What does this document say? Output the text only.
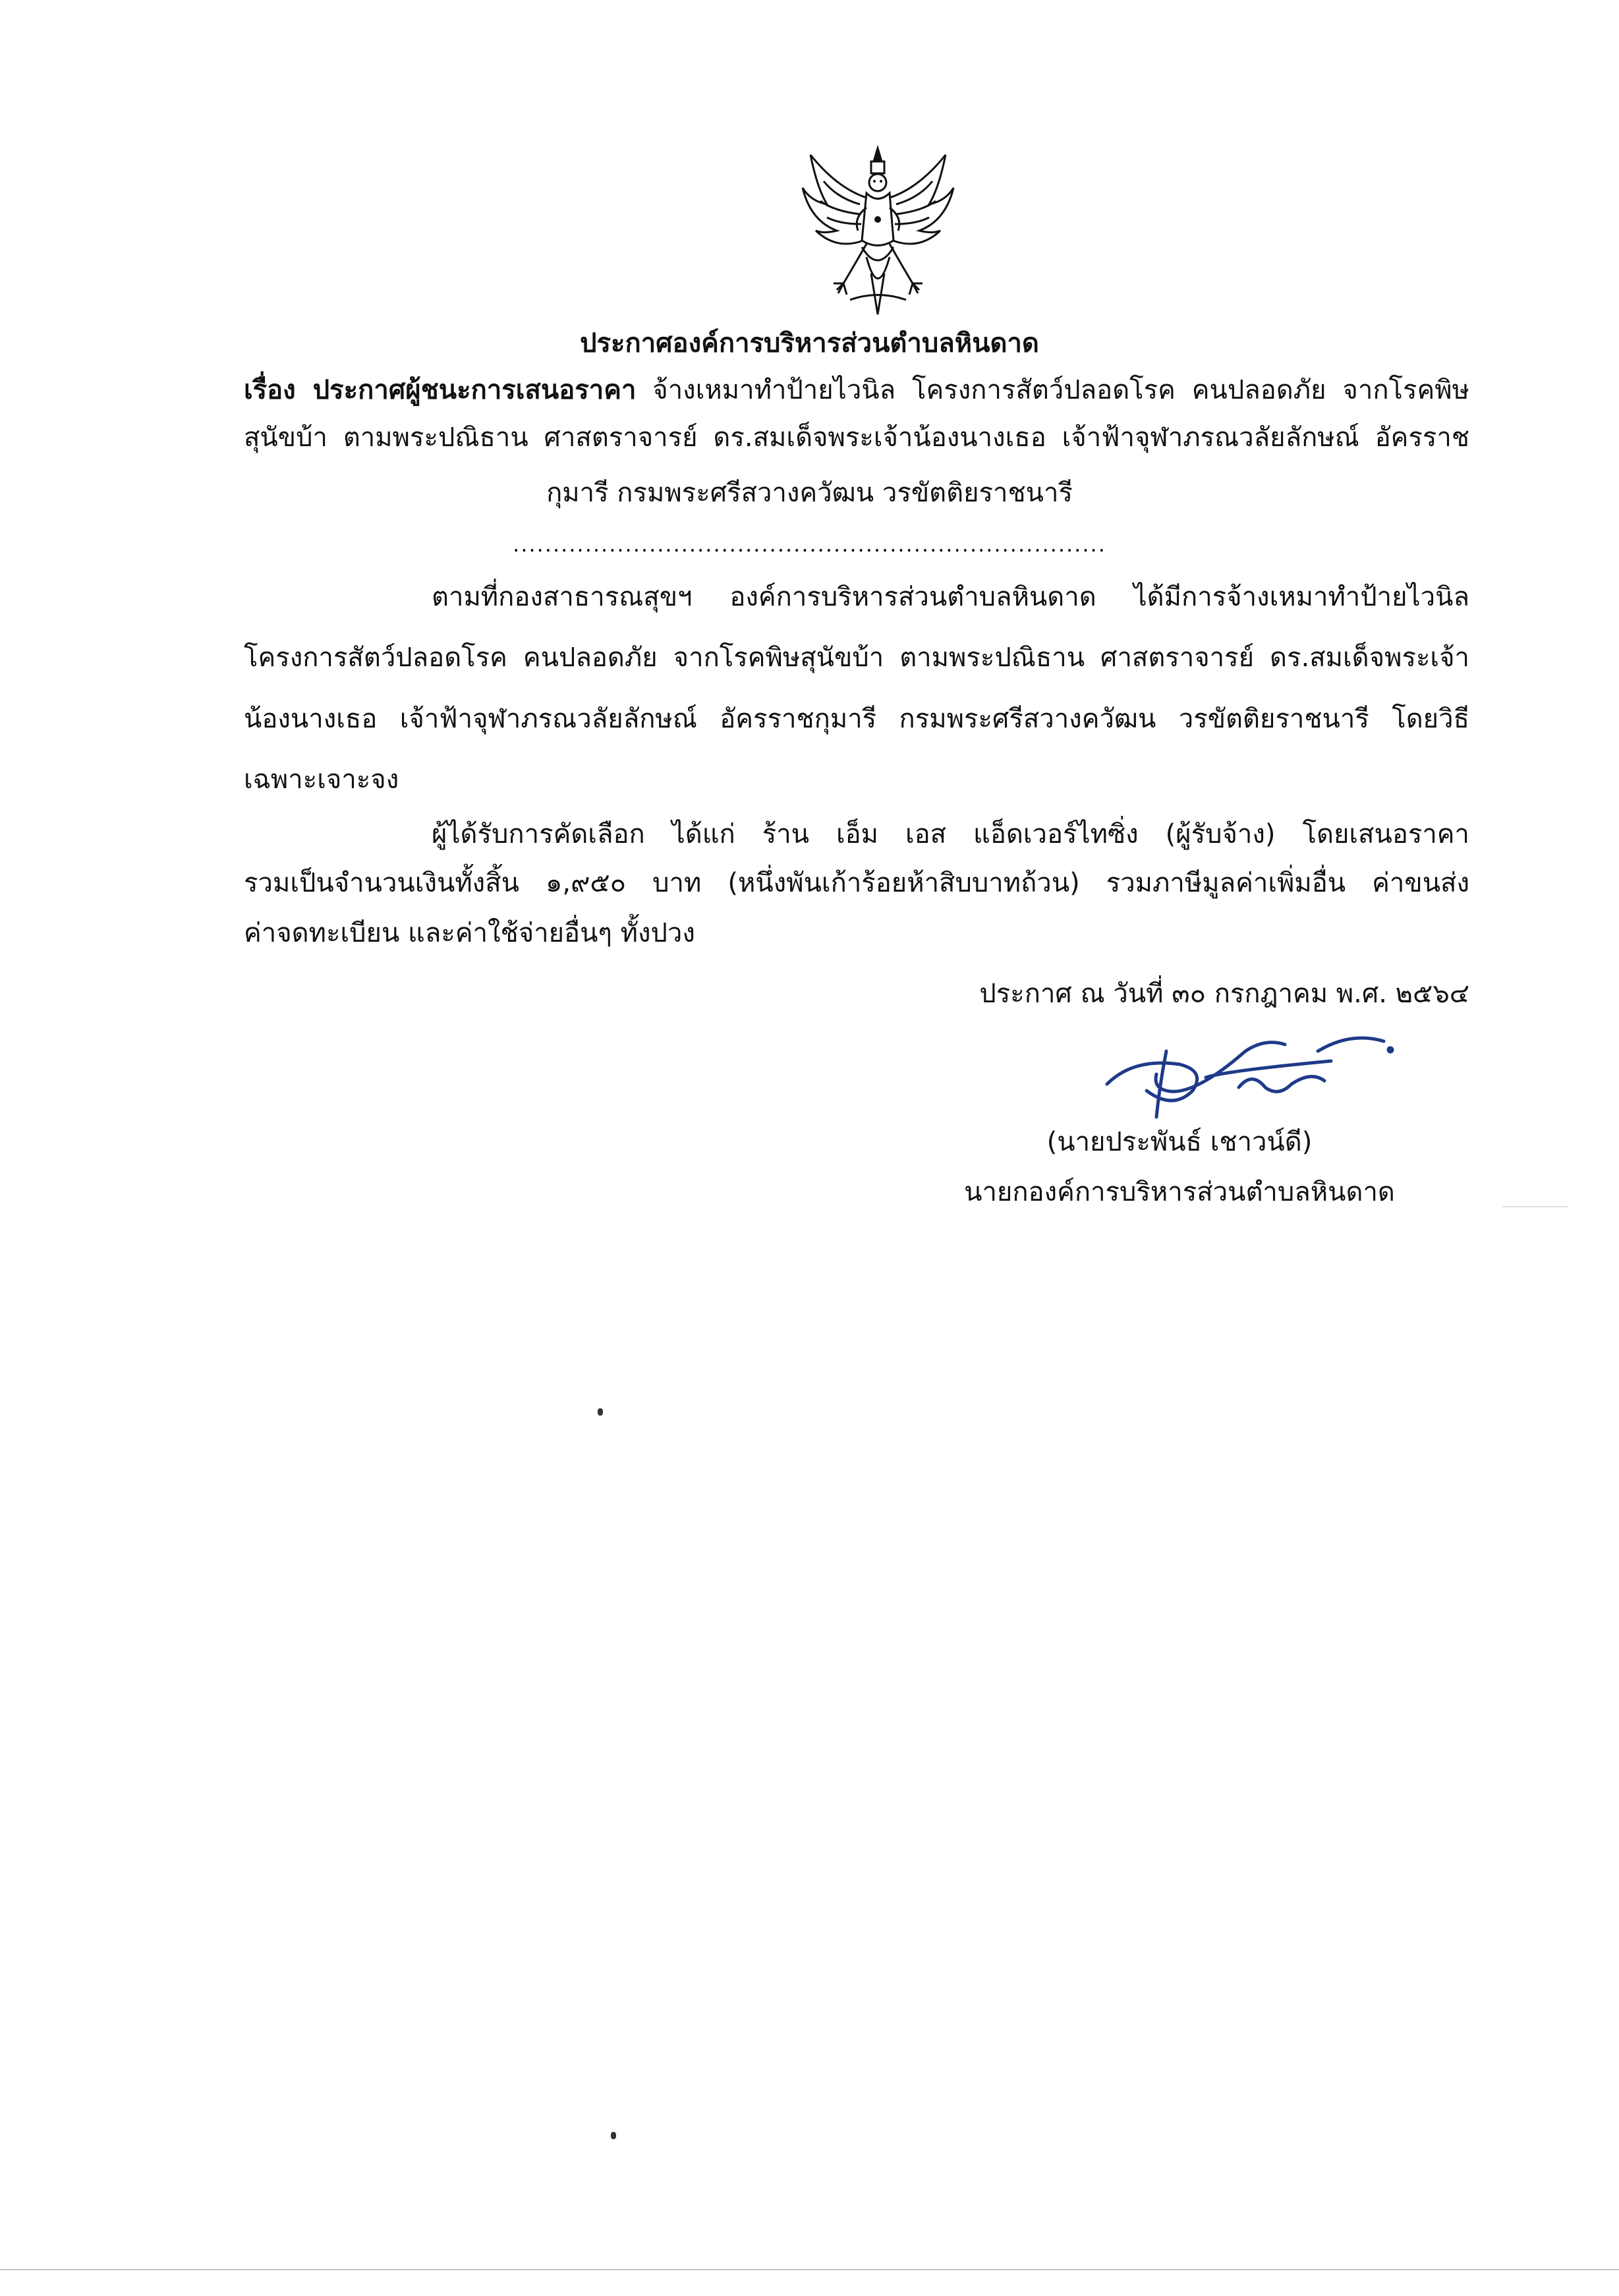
ประกาศองค์การบริหารส่วนตำบลหินดาด
เรื่อง ประกาศผู้ชนะการเสนอราคา จ้างเหมาทำป้ายไวนิล โครงการสัตว์ปลอดโรค คนปลอดภัย จากโรคพิษ
สุนัขบ้า ตามพระปณิธาน ศาสตราจารย์ ดร.สมเด็จพระเจ้าน้องนางเธอ เจ้าฟ้าจุฬาภรณวลัยลักษณ์ อัครราช
กุมารี กรมพระศรีสวางควัฒน วรขัตติยราชนารี
..........................................................................
ตามที่กองสาธารณสุขฯ องค์การบริหารส่วนตำบลหินดาด ได้มีการจ้างเหมาทำป้ายไวนิล
โครงการสัตว์ปลอดโรค คนปลอดภัย จากโรคพิษสุนัขบ้า ตามพระปณิธาน ศาสตราจารย์ ดร.สมเด็จพระเจ้า
น้องนางเธอ เจ้าฟ้าจุฬาภรณวลัยลักษณ์ อัครราชกุมารี กรมพระศรีสวางควัฒน วรขัตติยราชนารี โดยวิธี
เฉพาะเจาะจง
ผู้ได้รับการคัดเลือก ได้แก่ ร้าน เอ็ม เอส แอ็ดเวอร์ไทซิ่ง (ผู้รับจ้าง) โดยเสนอราคา
รวมเป็นจำนวนเงินทั้งสิ้น ๑,๙๕๐ บาท (หนึ่งพันเก้าร้อยห้าสิบบาทถ้วน) รวมภาษีมูลค่าเพิ่มอื่น ค่าขนส่ง
ค่าจดทะเบียน และค่าใช้จ่ายอื่นๆ ทั้งปวง
ประกาศ ณ วันที่ ๓๐ กรกฎาคม พ.ศ. ๒๕๖๔
(นายประพันธ์ เชาวน์ดี)
นายกองค์การบริหารส่วนตำบลหินดาด
